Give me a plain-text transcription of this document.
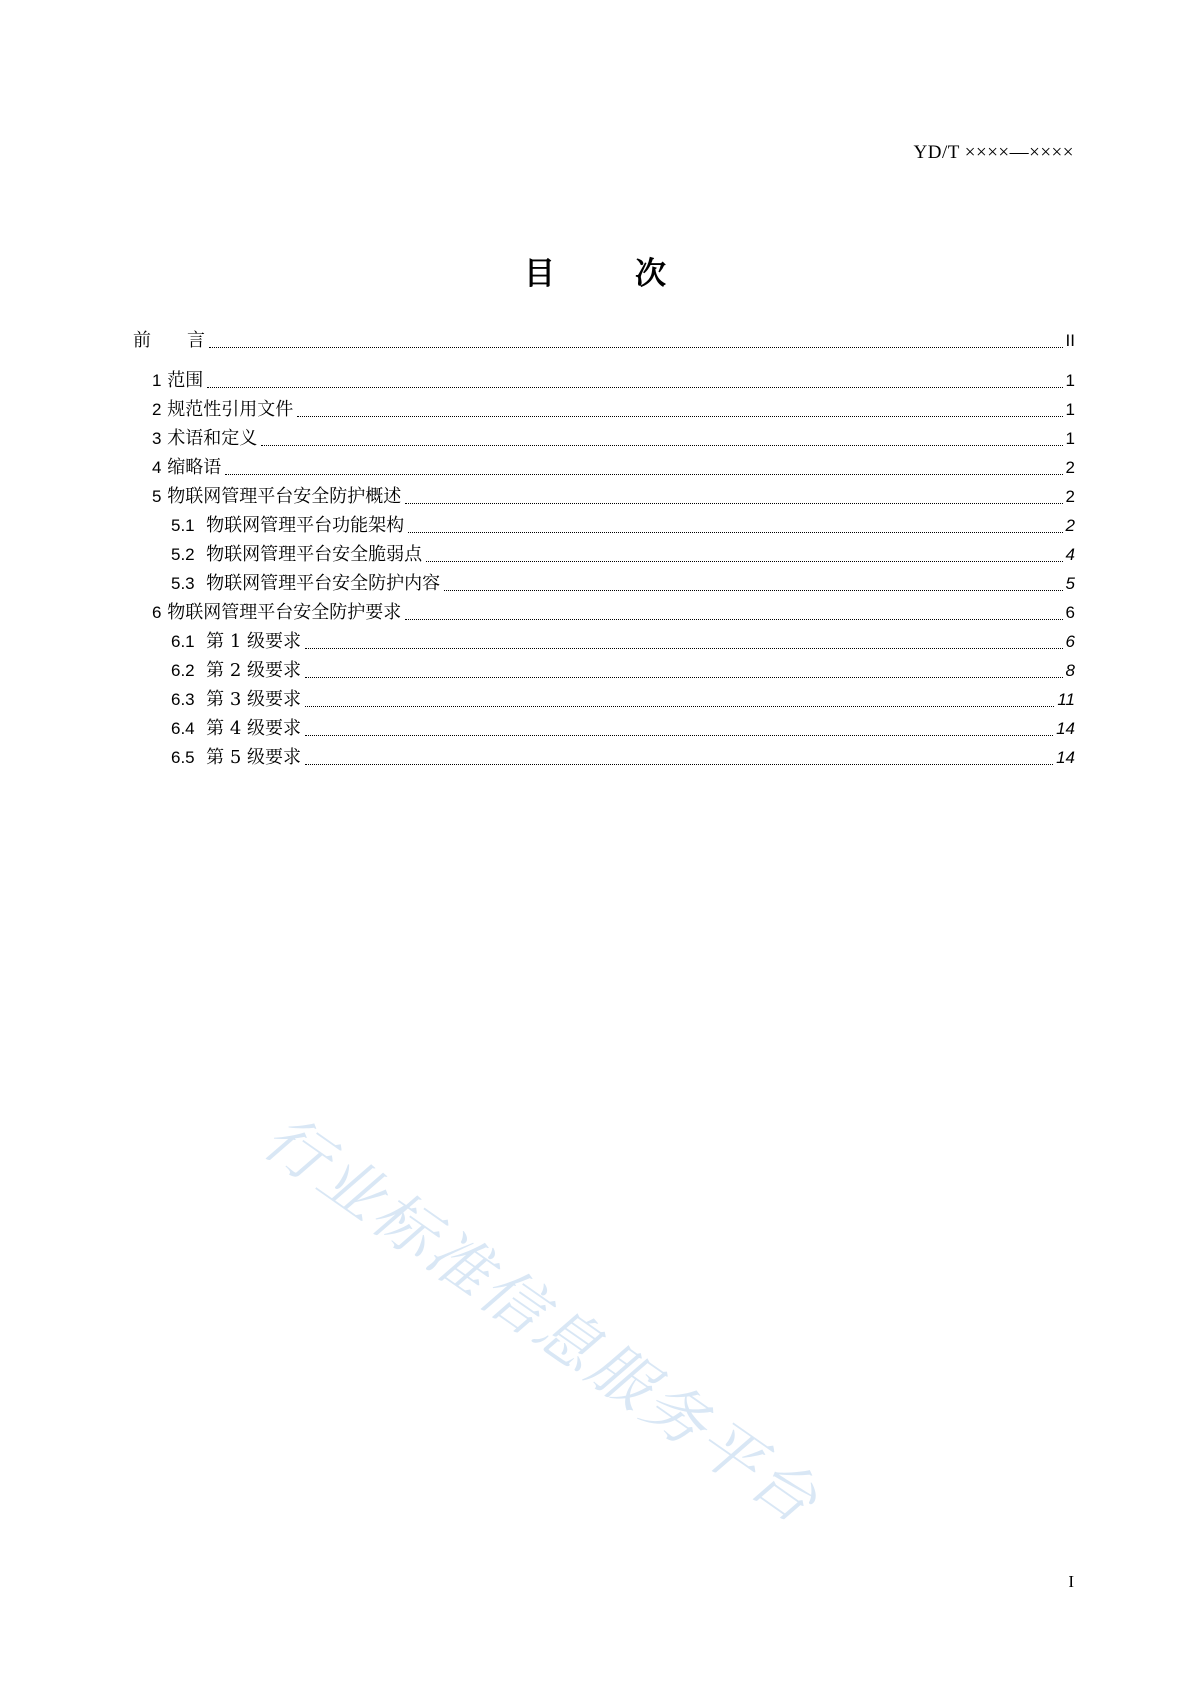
YD/T ××××—××××
目	次
前　　言	II
1 范围	1
2 规范性引用文件	1
3 术语和定义	1
4 缩略语	2
5 物联网管理平台安全防护概述	2
5.1 物联网管理平台功能架构	2
5.2 物联网管理平台安全脆弱点	4
5.3 物联网管理平台安全防护内容	5
6 物联网管理平台安全防护要求	6
6.1 第 1 级要求	6
6.2 第 2 级要求	8
6.3 第 3 级要求	11
6.4 第 4 级要求	14
6.5 第 5 级要求	14
行业标准信息服务平台
I
